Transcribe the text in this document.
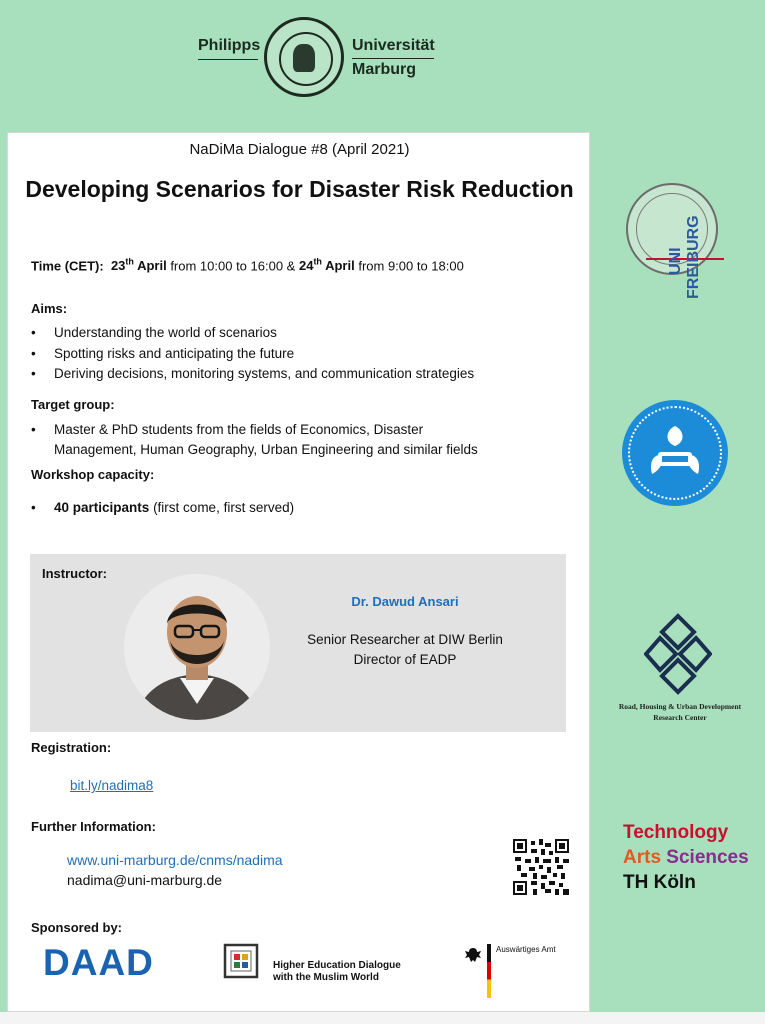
Philipps	Universität
Marburg
NaDiMa Dialogue #8 (April 2021)
Developing Scenarios for Disaster Risk Reduction
Time (CET): 23th April from 10:00 to 16:00 & 24th April from 9:00 to 18:00
Aims:
• Understanding the world of scenarios
• Spotting risks and anticipating the future
• Deriving decisions, monitoring systems, and communication strategies
Target group:
• Master & PhD students from the fields of Economics, Disaster
Management, Human Geography, Urban Engineering and similar fields
Workshop capacity:
• 40 participants (first come, first served)
Instructor:
Dr. Dawud Ansari
Senior Researcher at DIW Berlin
Director of EADP
Registration:
bit.ly/nadima8
Further Information:
www.uni-marburg.de/cnms/nadima
nadima@uni-marburg.de
Sponsored by:
DAAD	Higher Education Dialogue
with the Muslim World
Auswärtiges Amt
UNI FREIBURG
Road, Housing & Urban Development Research Center
Technology
Arts Sciences
TH Köln
